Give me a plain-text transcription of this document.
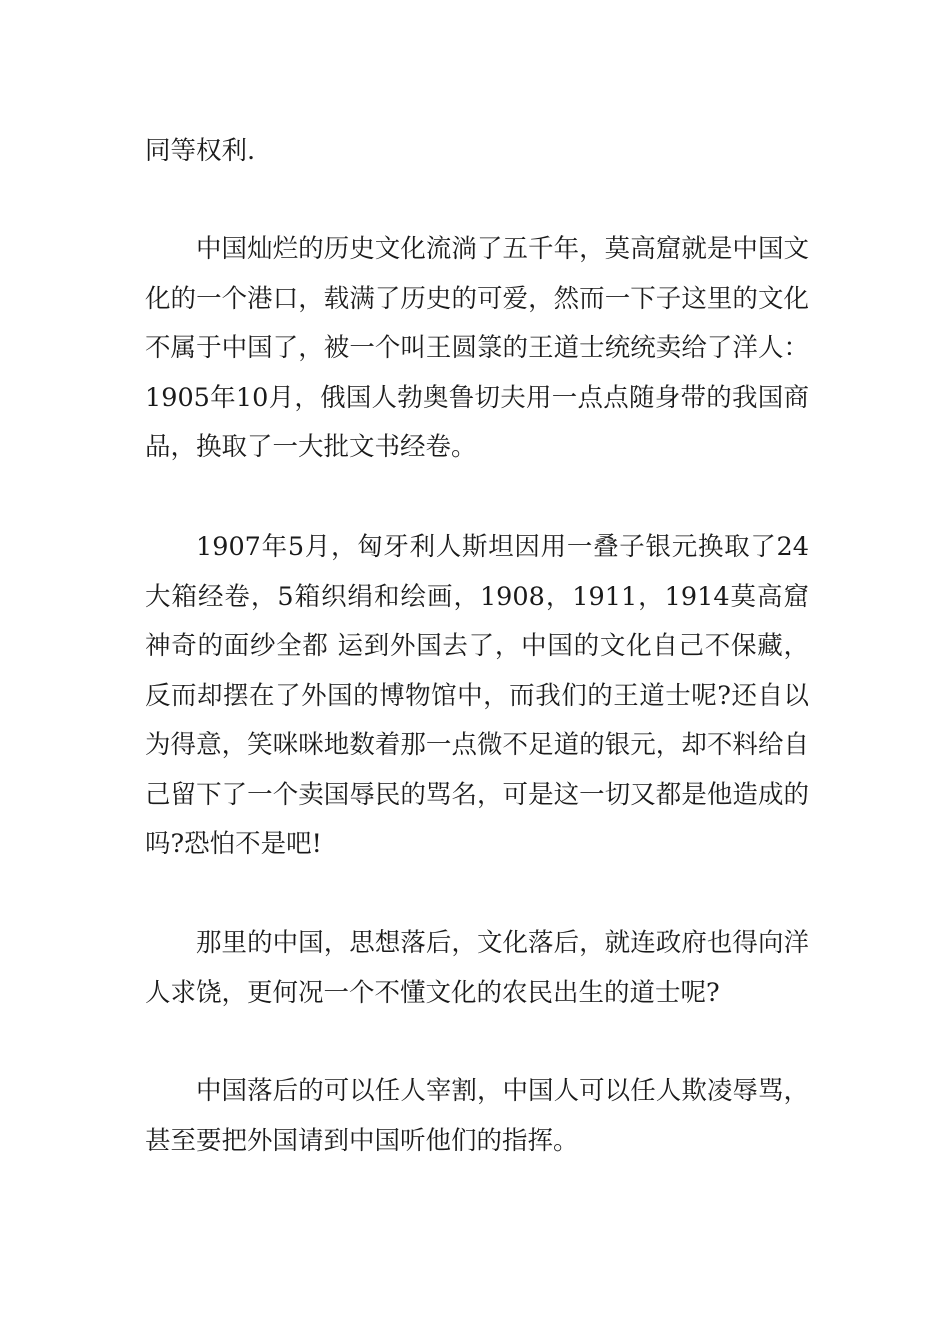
同等权利.

中国灿烂的历史文化流淌了五千年，莫高窟就是中国文化的一个港口，载满了历史的可爱，然而一下子这里的文化不属于中国了，被一个叫王圆箓的王道士统统卖给了洋人：1905年10月，俄国人勃奥鲁切夫用一点点随身带的我国商品，换取了一大批文书经卷。

1907年5月，匈牙利人斯坦因用一叠子银元换取了24大箱经卷，5箱织绢和绘画，1908，1911，1914莫高窟神奇的面纱全都 运到外国去了，中国的文化自己不保藏，反而却摆在了外国的博物馆中，而我们的王道士呢?还自以为得意，笑咪咪地数着那一点微不足道的银元，却不料给自己留下了一个卖国辱民的骂名，可是这一切又都是他造成的吗?恐怕不是吧!

那里的中国，思想落后，文化落后，就连政府也得向洋人求饶，更何况一个不懂文化的农民出生的道士呢?

中国落后的可以任人宰割，中国人可以任人欺凌辱骂，甚至要把外国请到中国听他们的指挥。
